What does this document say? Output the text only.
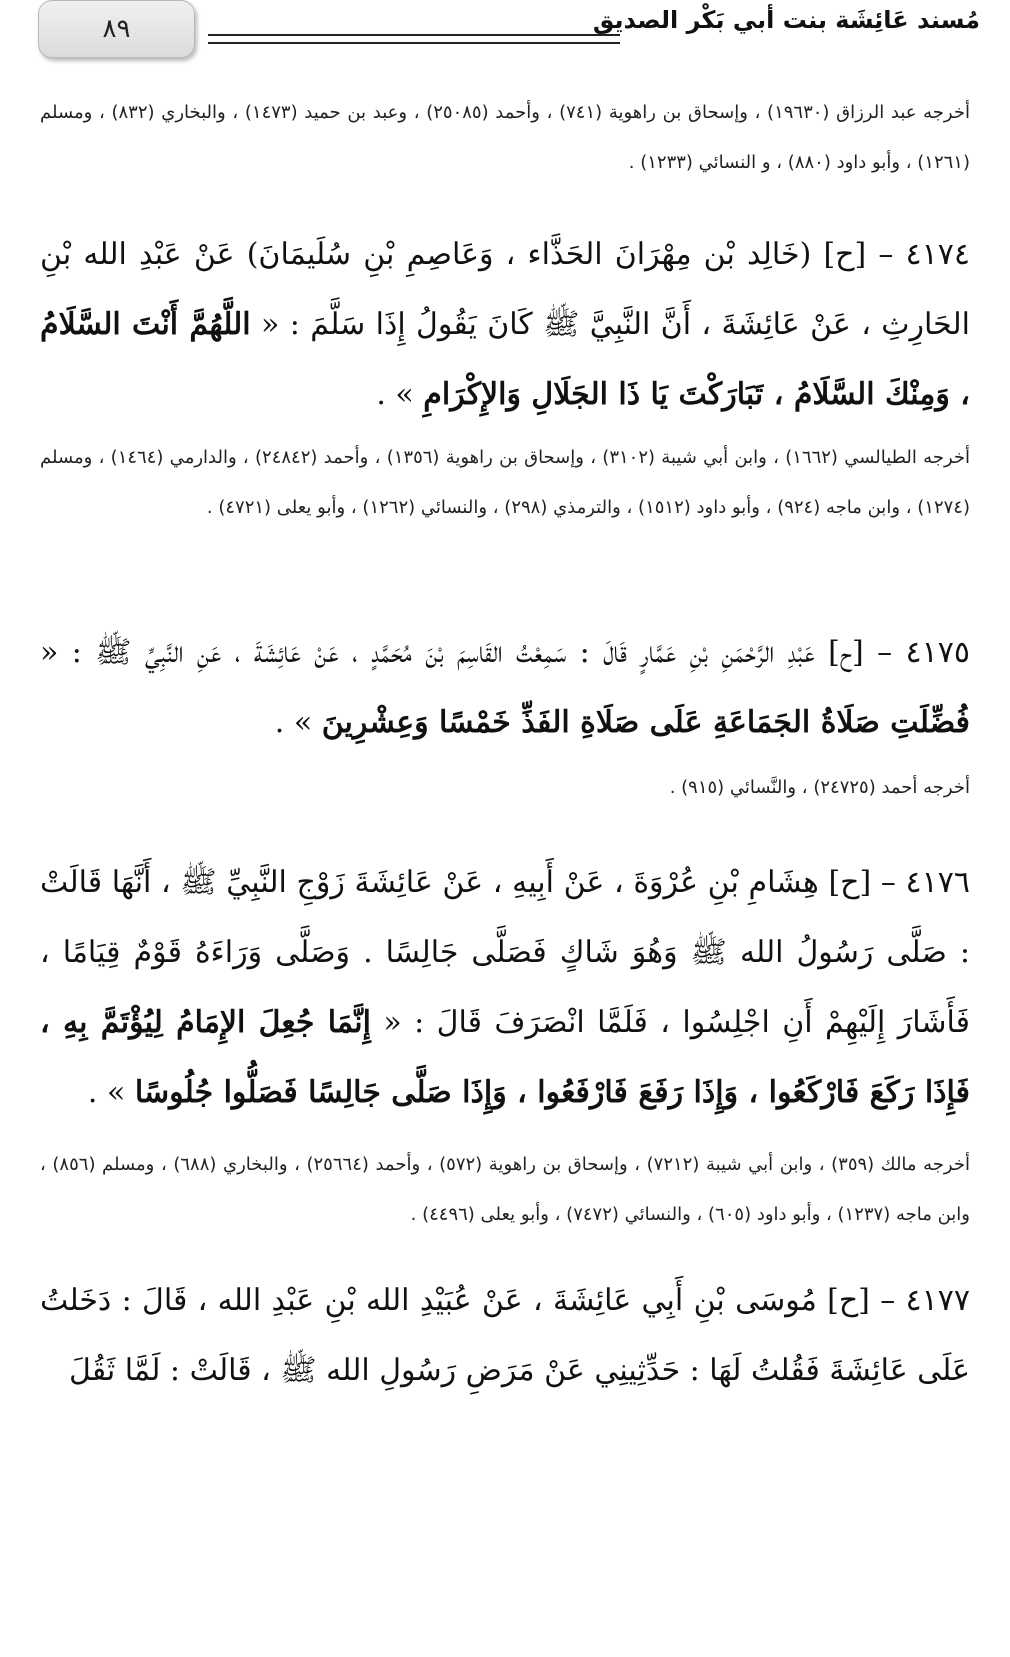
٨٩	مُسند عَائِشَة بنت أبي بَكْر الصديق

أخرجه عبد الرزاق (١٩٦٣٠) ، وإسحاق بن راهوية (٧٤١) ، وأحمد (٢٥٠٨٥) ، وعبد بن حميد (١٤٧٣) ، والبخاري (٨٣٢) ، ومسلم (١٢٦١) ، وأبو داود (٨٨٠) ، و النسائي (١٢٣٣) .

٤١٧٤ – [ح] (خَالِد بْن مِهْرَانَ الحَذَّاء ، وَعَاصِمِ بْنِ سُلَيمَانَ) عَنْ عَبْدِ الله بْنِ الحَارِثِ ، عَنْ عَائِشَةَ ، أَنَّ النَّبِيَّ ﷺ كَانَ يَقُولُ إِذَا سَلَّمَ : « اللَّهُمَّ أَنْتَ السَّلَامُ ، وَمِنْكَ السَّلَامُ ، تَبَارَكْتَ يَا ذَا الجَلَالِ وَالإِكْرَامِ » .

أخرجه الطيالسي (١٦٦٢) ، وابن أبي شيبة (٣١٠٢) ، وإسحاق بن راهوية (١٣٥٦) ، وأحمد (٢٤٨٤٢) ، والدارمي (١٤٦٤) ، ومسلم (١٢٧٤) ، وابن ماجه (٩٢٤) ، وأبو داود (١٥١٢) ، والترمذي (٢٩٨) ، والنسائي (١٢٦٢) ، وأبو يعلى (٤٧٢١) .

٤١٧٥ – [ح] عَبْدِ الرَّحْمَنِ بْنِ عَمَّارٍ قَالَ : سَمِعْتُ القَاسِمَ بْنَ مُحَمَّدٍ ، عَنْ عَائِشَةَ ، عَنِ النَّبِيِّ ﷺ : « فُضِّلَتِ صَلَاةُ الجَمَاعَةِ عَلَى صَلَاةِ الفَذِّ خَمْسًا وَعِشْرِينَ » .

أخرجه أحمد (٢٤٧٢٥) ، والنَّسائي (٩١٥) .

٤١٧٦ – [ح] هِشَامِ بْنِ عُرْوَةَ ، عَنْ أَبِيهِ ، عَنْ عَائِشَةَ زَوْجِ النَّبِيِّ ﷺ ، أَنَّهَا قَالَتْ : صَلَّى رَسُولُ الله ﷺ وَهُوَ شَاكٍ فَصَلَّى جَالِسًا . وَصَلَّى وَرَاءَهُ قَوْمٌ قِيَامًا ، فَأَشَارَ إِلَيْهِمْ أَنِ اجْلِسُوا ، فَلَمَّا انْصَرَفَ قَالَ : « إِنَّمَا جُعِلَ الإِمَامُ لِيُؤْتَمَّ بِهِ ، فَإِذَا رَكَعَ فَارْكَعُوا ، وَإِذَا رَفَعَ فَارْفَعُوا ، وَإِذَا صَلَّى جَالِسًا فَصَلُّوا جُلُوسًا » .

أخرجه مالك (٣٥٩) ، وابن أبي شيبة (٧٢١٢) ، وإسحاق بن راهوية (٥٧٢) ، وأحمد (٢٥٦٦٤) ، والبخاري (٦٨٨) ، ومسلم (٨٥٦) ، وابن ماجه (١٢٣٧) ، وأبو داود (٦٠٥) ، والنسائي (٧٤٧٢) ، وأبو يعلى (٤٤٩٦) .

٤١٧٧ – [ح] مُوسَى بْنِ أَبِي عَائِشَةَ ، عَنْ عُبَيْدِ الله بْنِ عَبْدِ الله ، قَالَ : دَخَلتُ عَلَى عَائِشَةَ فَقُلتُ لَهَا : حَدِّثِينِي عَنْ مَرَضِ رَسُولِ الله ﷺ ، قَالَتْ : لَمَّا ثَقُلَ
